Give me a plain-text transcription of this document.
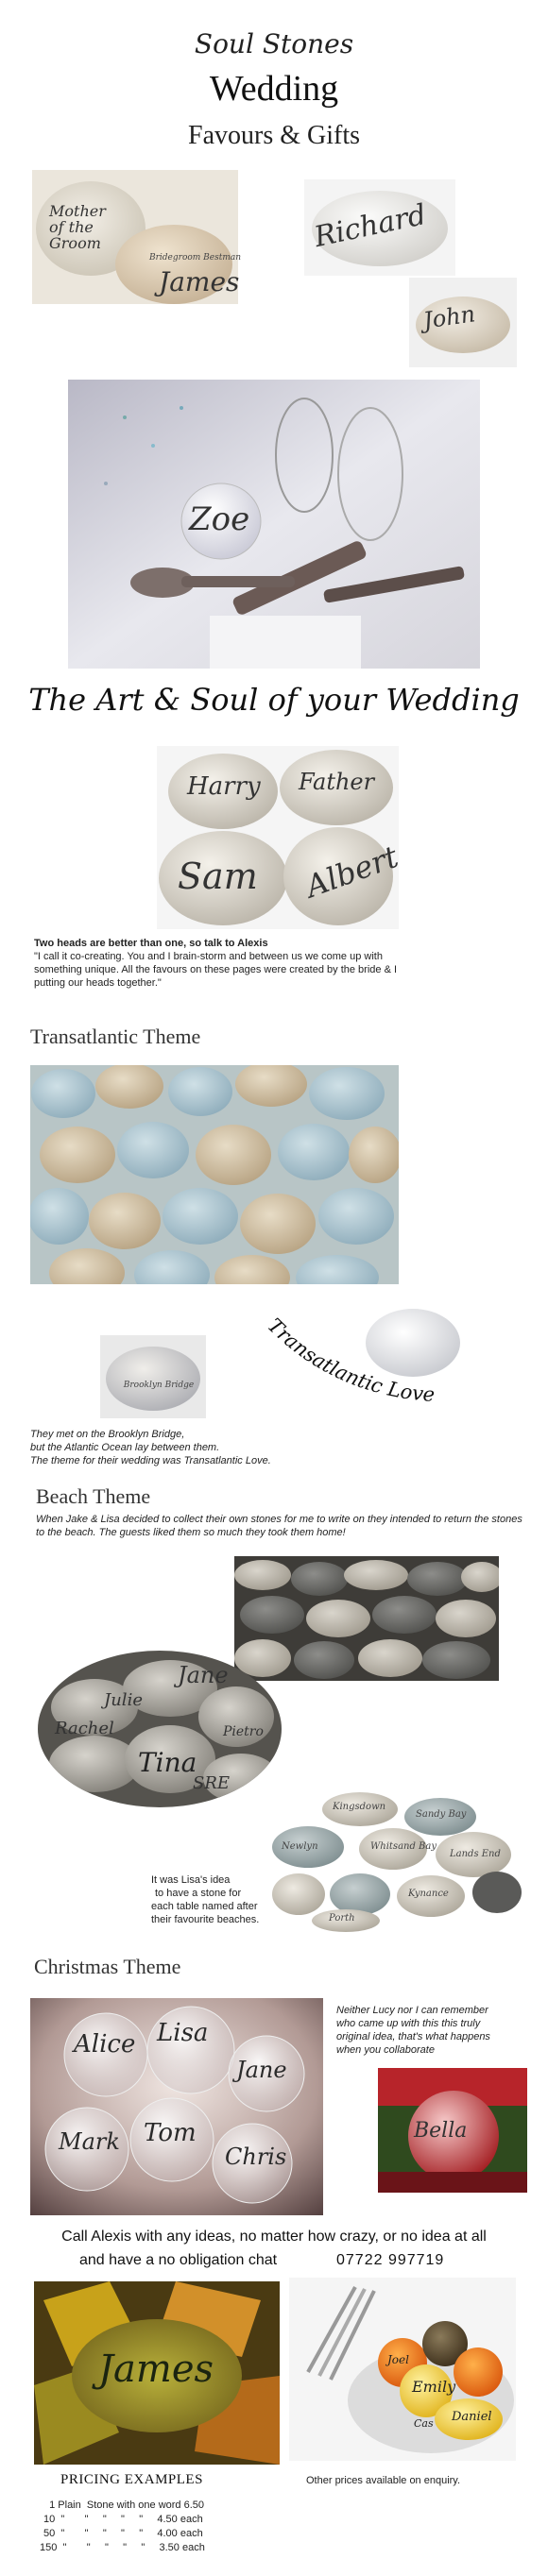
Soul Stones
Wedding
Favours & Gifts
Mother of the Groom
Bridegroom Bestman
James
Richard
John
Zoe
The Art & Soul of your Wedding
Harry Father
Sam Albert
Two heads are better than one, so talk to Alexis
"I call it co-creating. You and I brain-storm and between us we come up with something unique. All the favours on these pages were created by the bride & I putting our heads together."
Transatlantic Theme
Brooklyn Bridge
Transatlantic Love
They met on the Brooklyn Bridge,
but the Atlantic Ocean lay between them.
The theme for their wedding was Transatlantic Love.
Beach Theme
When Jake & Lisa decided to collect their own stones for me to write on they intended to return the stones to the beach. The guests liked them so much they took them home!
Jane
Rachel
Julie
Tina
SRE
Pietro
Kingsdown
Sandy Bay
Whitsand Bay
Lands End
Newlyn
Kynance
Porth
It was Lisa's idea
to have a stone for
each table named after
their favourite beaches.
Christmas Theme
Alice Lisa
Jane
Mark Tom
Chris
Neither Lucy nor I can remember
who came up with this this truly
original idea, that's what happens
when you collaborate
Bella
Call Alexis with any ideas, no matter how crazy, or no idea at all
and have a no obligation chat	07722 997719
James	Joel
Emily
Daniel
Cas
PRICING EXAMPLES	Other prices available on enquiry.
1 Plain  Stone with one word 6.50
10  "       "     "     "     "     4.50 each
50  "       "     "     "     "     4.00 each
150  "       "     "     "     "     3.50 each
